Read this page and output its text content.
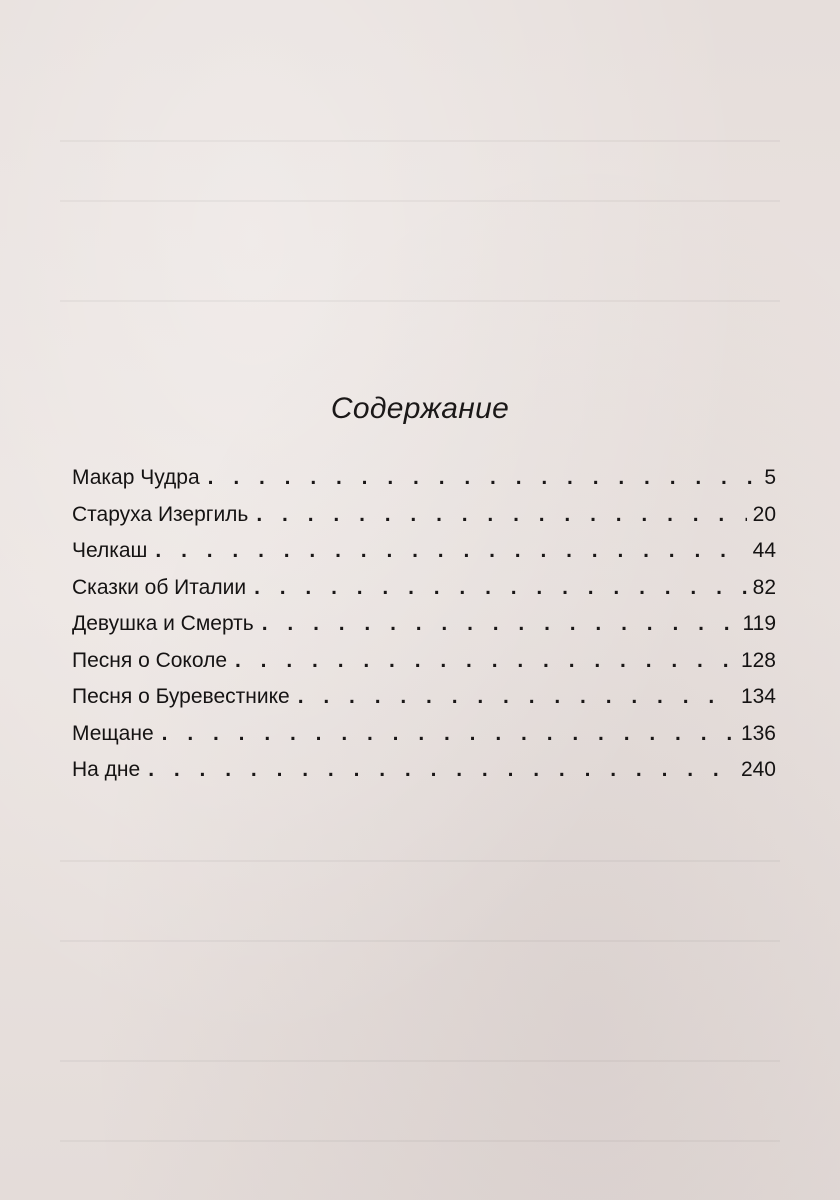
Содержание
Макар Чудра . . .	5
Старуха Изергиль . . .	20
Челкаш . . .	44
Сказки об Италии . . .	82
Девушка и Смерть . . .	119
Песня о Соколе . . .	128
Песня о Буревестнике . . .	134
Мещане . . .	136
На дне . . .	240
